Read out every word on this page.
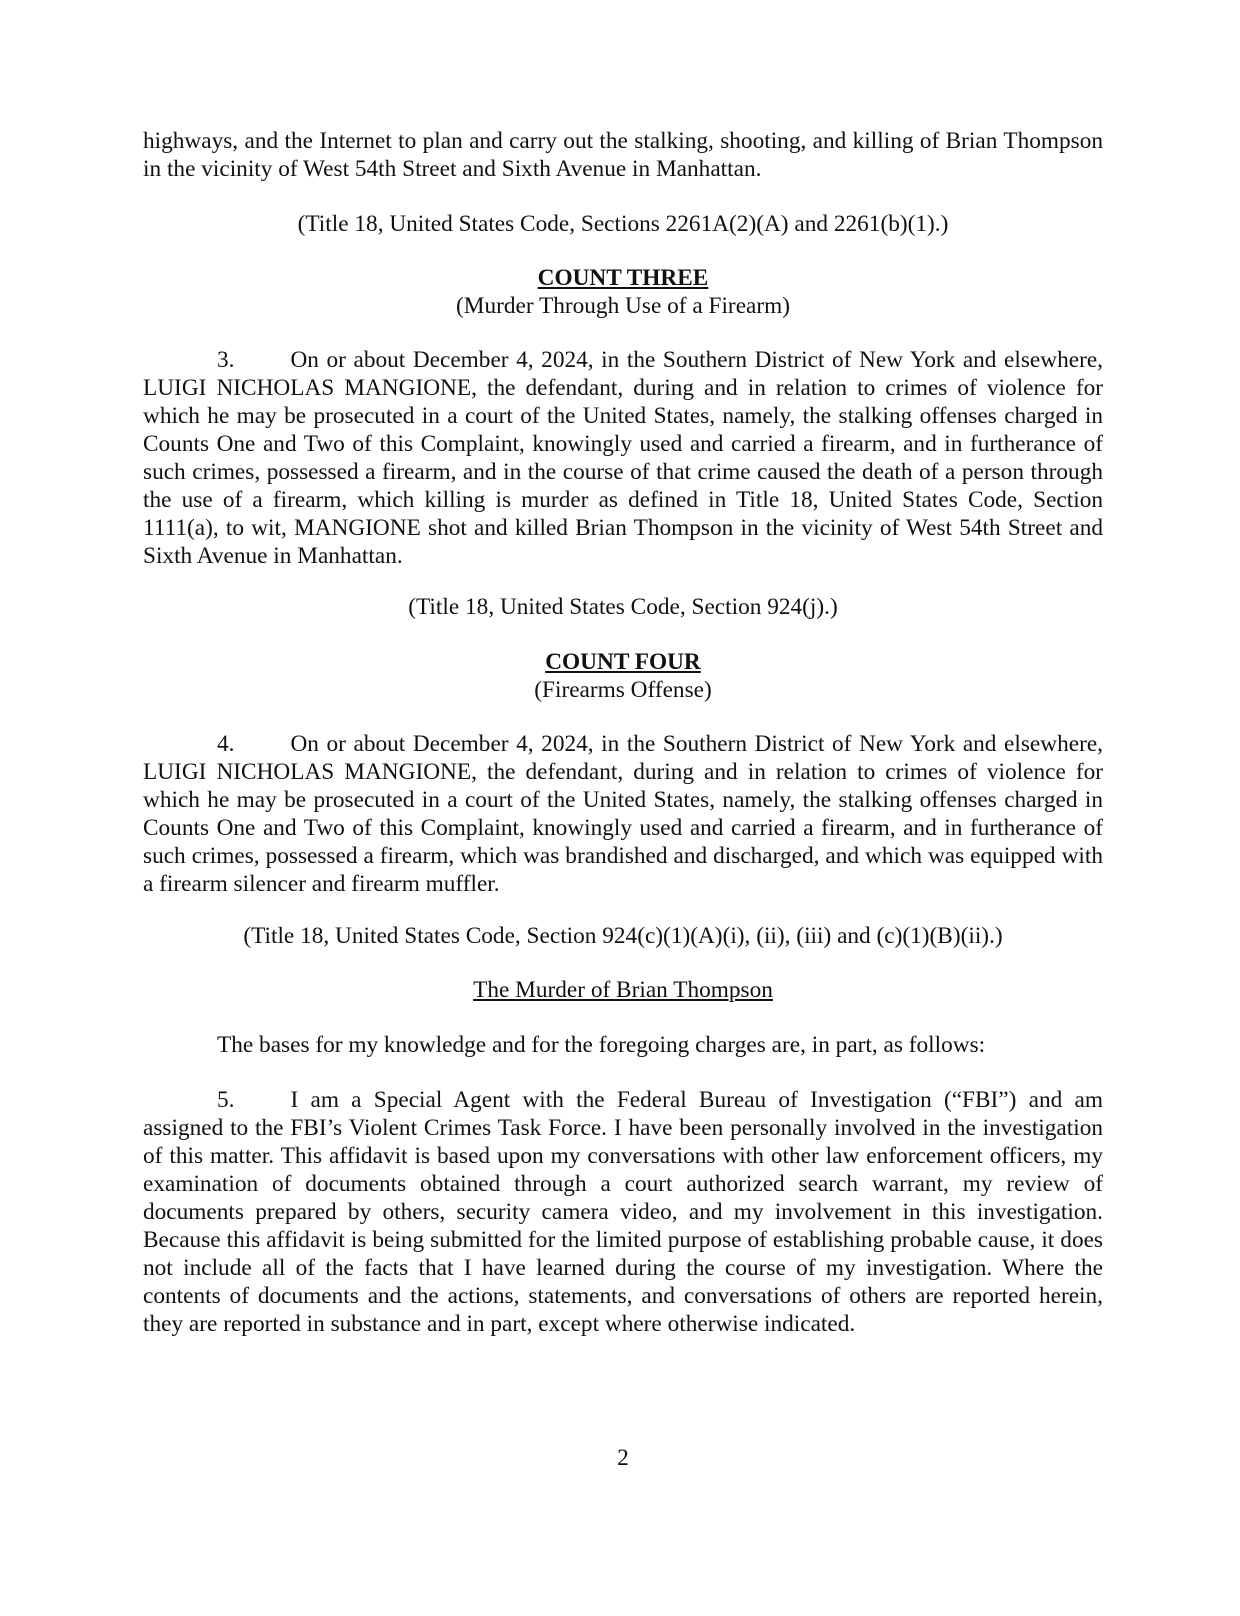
highways, and the Internet to plan and carry out the stalking, shooting, and killing of Brian Thompson in the vicinity of West 54th Street and Sixth Avenue in Manhattan.

(Title 18, United States Code, Sections 2261A(2)(A) and 2261(b)(1).)

COUNT THREE

(Murder Through Use of a Firearm)

3. On or about December 4, 2024, in the Southern District of New York and elsewhere, LUIGI NICHOLAS MANGIONE, the defendant, during and in relation to crimes of violence for which he may be prosecuted in a court of the United States, namely, the stalking offenses charged in Counts One and Two of this Complaint, knowingly used and carried a firearm, and in furtherance of such crimes, possessed a firearm, and in the course of that crime caused the death of a person through the use of a firearm, which killing is murder as defined in Title 18, United States Code, Section 1111(a), to wit, MANGIONE shot and killed Brian Thompson in the vicinity of West 54th Street and Sixth Avenue in Manhattan.

(Title 18, United States Code, Section 924(j).)

COUNT FOUR

(Firearms Offense)

4. On or about December 4, 2024, in the Southern District of New York and elsewhere, LUIGI NICHOLAS MANGIONE, the defendant, during and in relation to crimes of violence for which he may be prosecuted in a court of the United States, namely, the stalking offenses charged in Counts One and Two of this Complaint, knowingly used and carried a firearm, and in furtherance of such crimes, possessed a firearm, which was brandished and discharged, and which was equipped with a firearm silencer and firearm muffler.

(Title 18, United States Code, Section 924(c)(1)(A)(i), (ii), (iii) and (c)(1)(B)(ii).)

The Murder of Brian Thompson

The bases for my knowledge and for the foregoing charges are, in part, as follows:

5. I am a Special Agent with the Federal Bureau of Investigation (“FBI”) and am assigned to the FBI’s Violent Crimes Task Force. I have been personally involved in the investigation of this matter. This affidavit is based upon my conversations with other law enforcement officers, my examination of documents obtained through a court authorized search warrant, my review of documents prepared by others, security camera video, and my involvement in this investigation. Because this affidavit is being submitted for the limited purpose of establishing probable cause, it does not include all of the facts that I have learned during the course of my investigation. Where the contents of documents and the actions, statements, and conversations of others are reported herein, they are reported in substance and in part, except where otherwise indicated.

2
